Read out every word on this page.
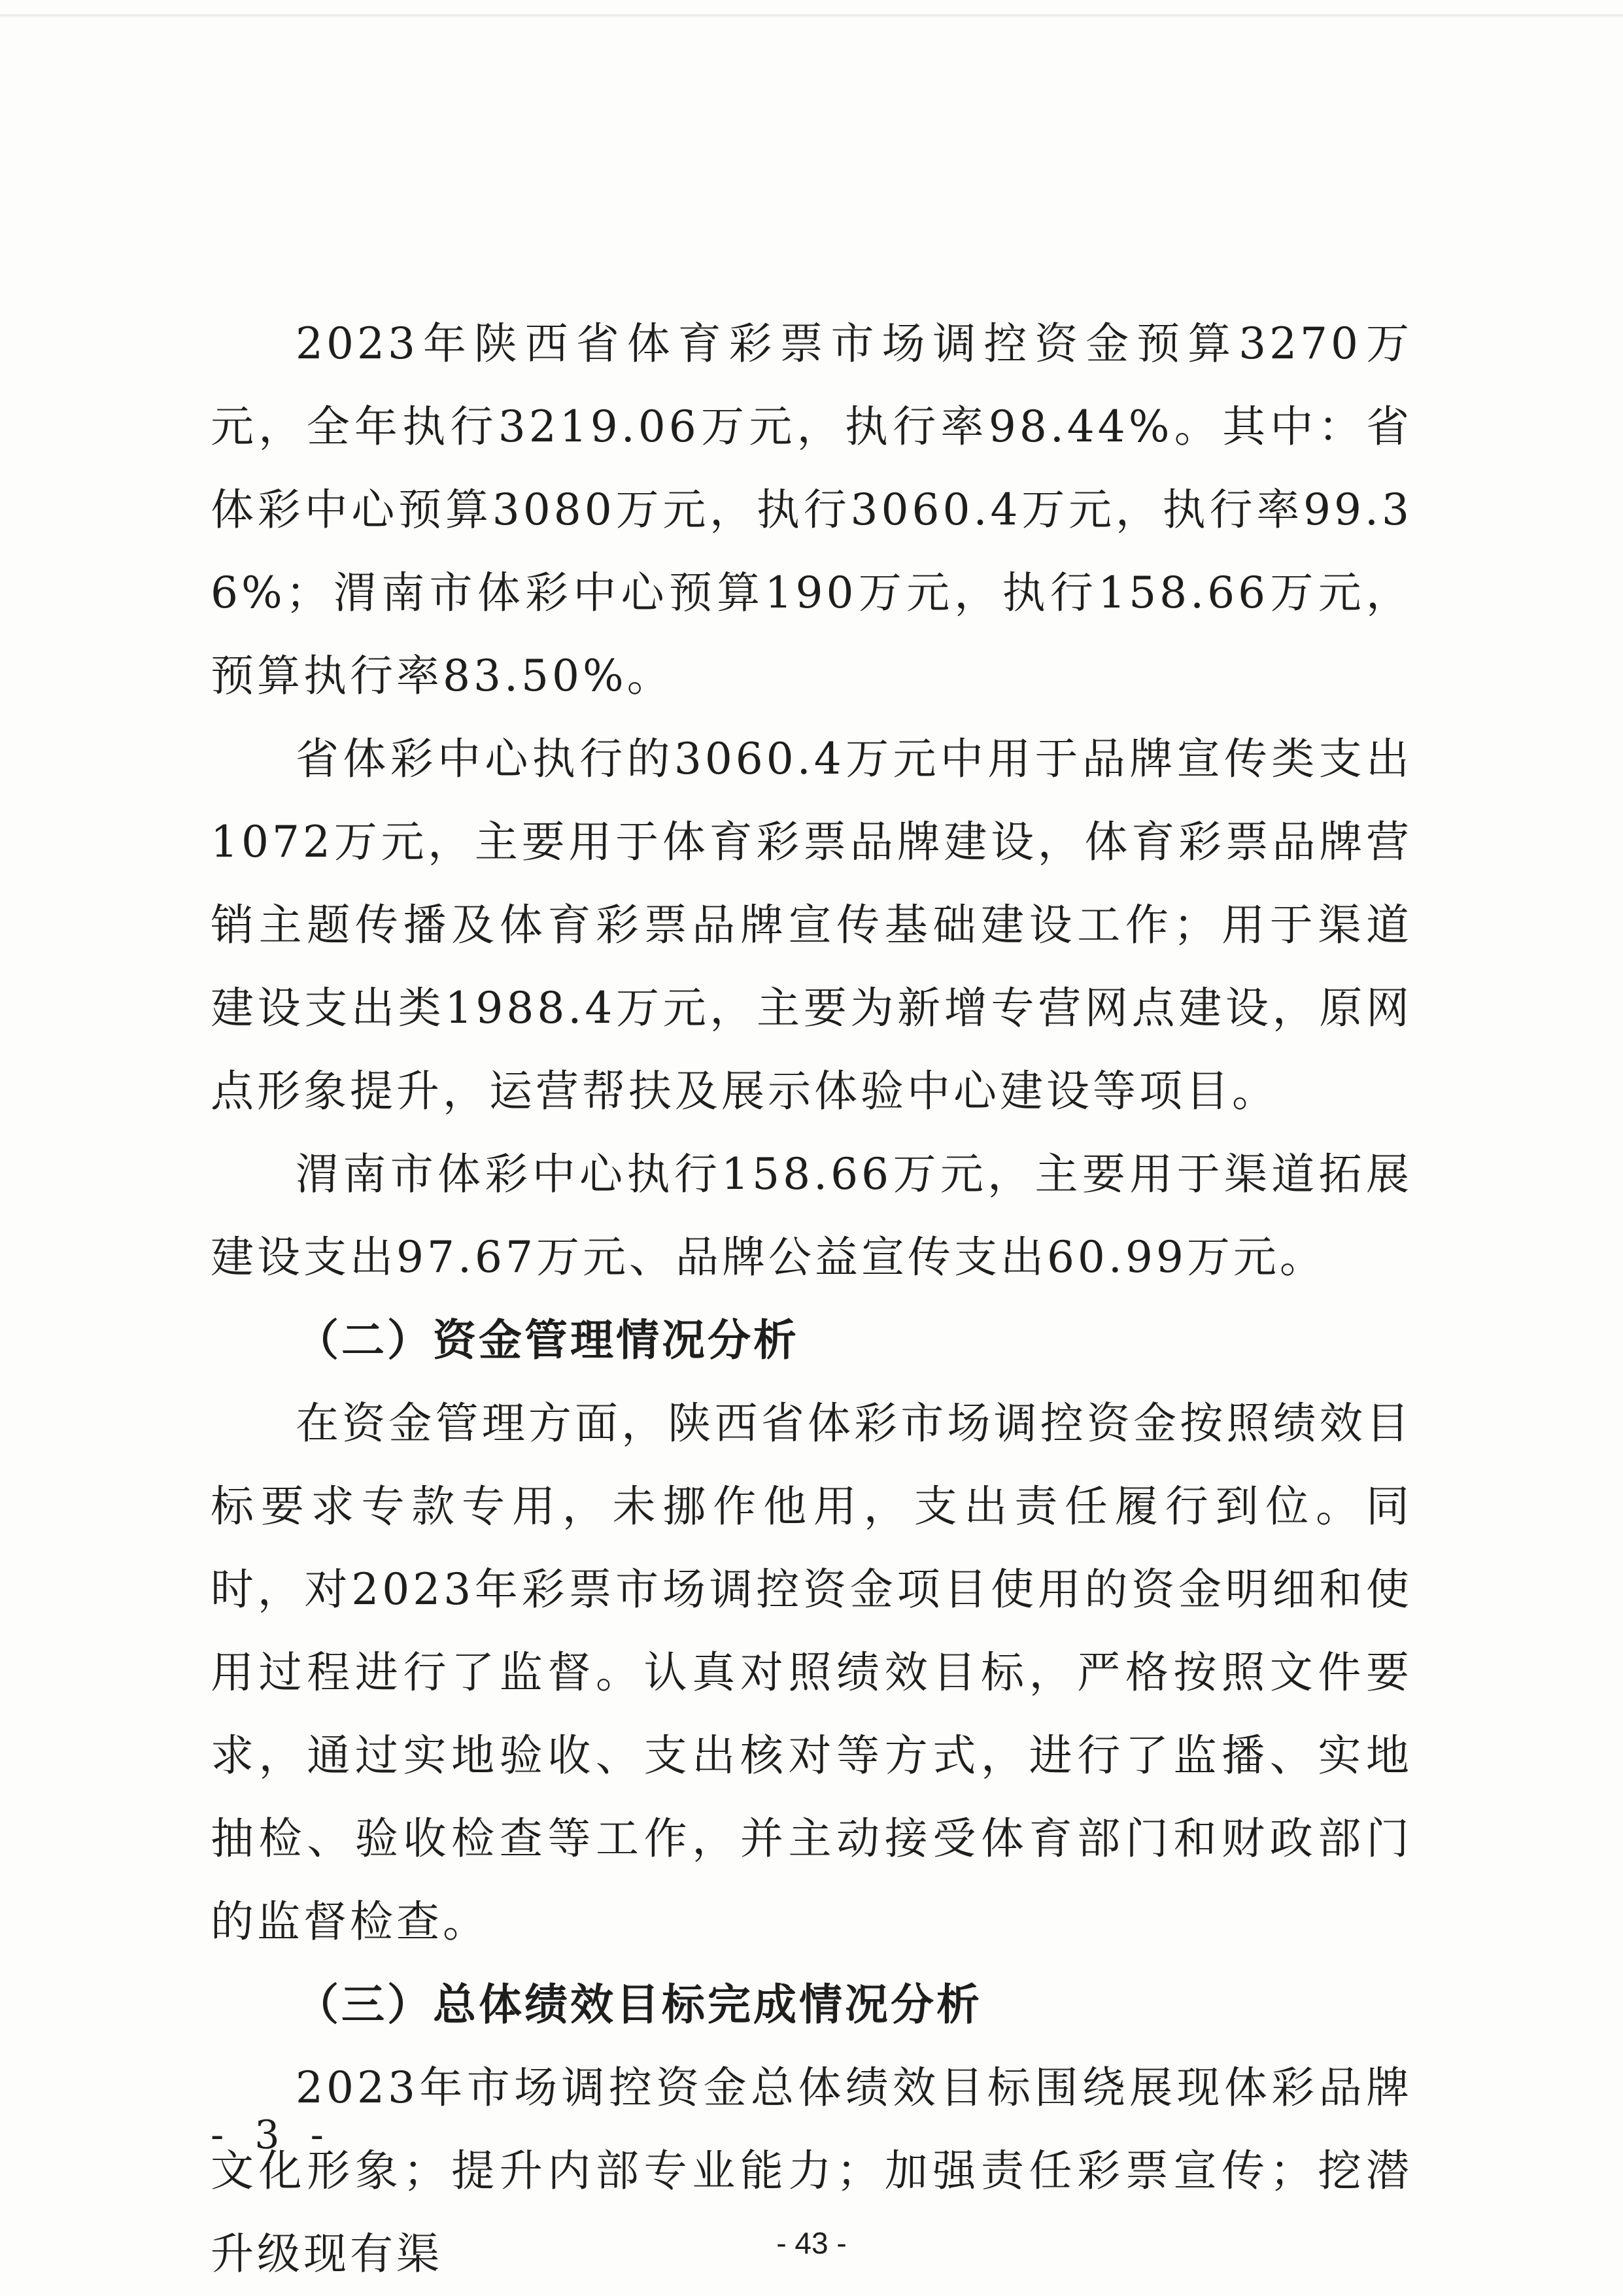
2023年陕西省体育彩票市场调控资金预算3270万元，全年执行3219.06万元，执行率98.44%。其中：省体彩中心预算3080万元，执行3060.4万元，执行率99.36%；渭南市体彩中心预算190万元，执行158.66万元，预算执行率83.50%。

省体彩中心执行的3060.4万元中用于品牌宣传类支出1072万元，主要用于体育彩票品牌建设，体育彩票品牌营销主题传播及体育彩票品牌宣传基础建设工作；用于渠道建设支出类1988.4万元，主要为新增专营网点建设，原网点形象提升，运营帮扶及展示体验中心建设等项目。

渭南市体彩中心执行158.66万元，主要用于渠道拓展建设支出97.67万元、品牌公益宣传支出60.99万元。

（二）资金管理情况分析

在资金管理方面，陕西省体彩市场调控资金按照绩效目标要求专款专用，未挪作他用，支出责任履行到位。同时，对2023年彩票市场调控资金项目使用的资金明细和使用过程进行了监督。认真对照绩效目标，严格按照文件要求，通过实地验收、支出核对等方式，进行了监播、实地抽检、验收检查等工作，并主动接受体育部门和财政部门的监督检查。

（三）总体绩效目标完成情况分析

2023年市场调控资金总体绩效目标围绕展现体彩品牌文化形象；提升内部专业能力；加强责任彩票宣传；挖潜升级现有渠

- 3 -
- 43 -
